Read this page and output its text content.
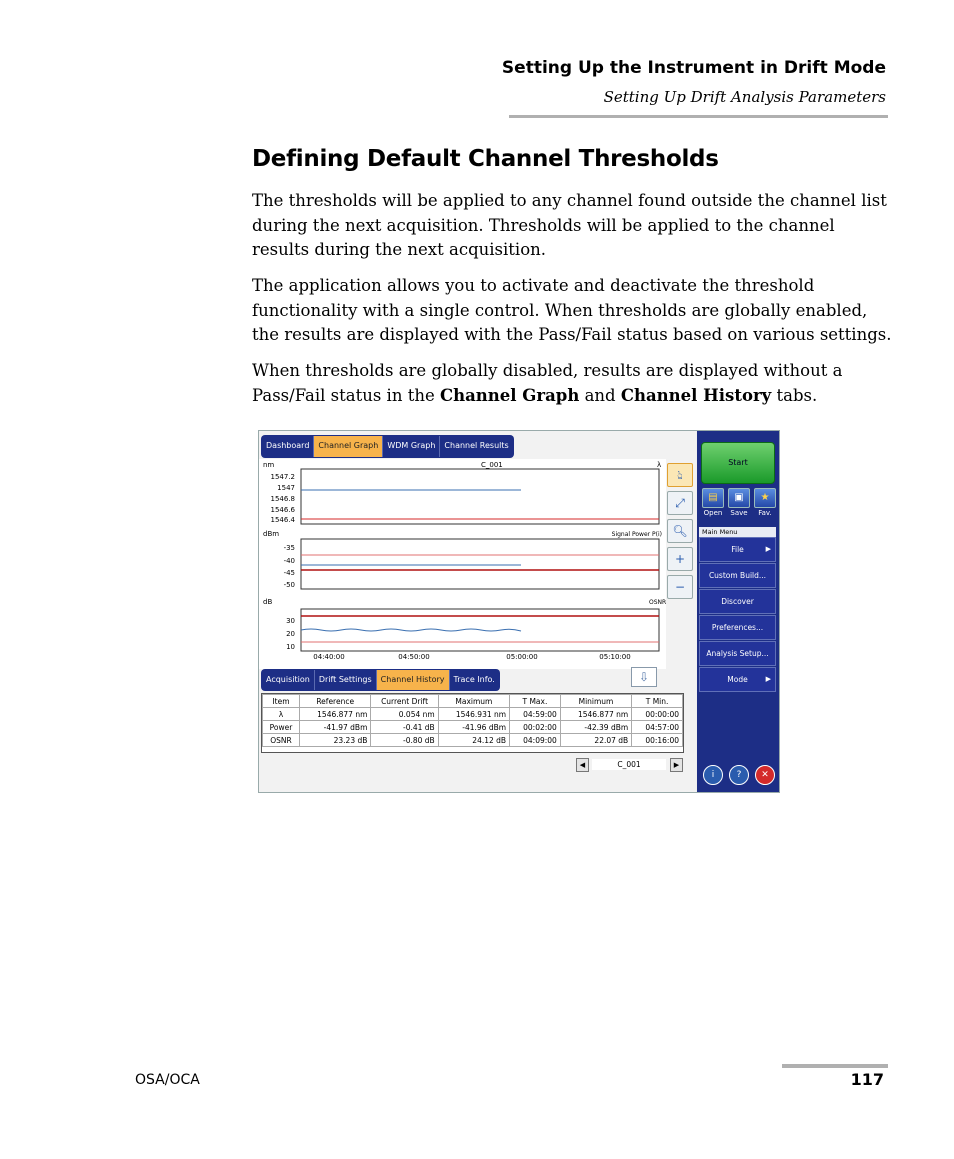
Setting Up the Instrument in Drift Mode
Setting Up Drift Analysis Parameters
Defining Default Channel Thresholds

The thresholds will be applied to any channel found outside the channel list during the next acquisition. Thresholds will be applied to the channel results during the next acquisition.

The application allows you to activate and deactivate the threshold functionality with a single control. When thresholds are globally enabled, the results are displayed with the Pass/Fail status based on various settings.

When thresholds are globally disabled, results are displayed without a Pass/Fail status in the Channel Graph and Channel History tabs.

Dashboard	Channel Graph	WDM Graph	Channel Results
nm	C_001	λ
1547.2
1547
1546.8
1546.6
1546.4
dBm	Signal Power P(i)
-35
-40
-45
-50
dB	OSNR
30
20
10
04:40:00	04:50:00	05:00:00	05:10:00
👆︎
⤢
🔍︎
+
−
Acquisition	Drift Settings	Channel History	Trace Info.	⇩
Item	Reference	Current Drift	Maximum	T Max.	Minimum	T Min.
λ	1546.877 nm	0.054 nm	1546.931 nm	04:59:00	1546.877 nm	00:00:00
Power	-41.97 dBm	-0.41 dB	-41.96 dBm	00:02:00	-42.39 dBm	04:57:00
OSNR	23.23 dB	-0.80 dB	24.12 dB	04:09:00	22.07 dB	00:16:00
◀	C_001	▶
Start
▤
Open
▣
Save
★
Fav.
Main Menu
File	▶
Custom Build...
Discover
Preferences...
Analysis Setup...
Mode	▶
i	?	✕
OSA/OCA	117
